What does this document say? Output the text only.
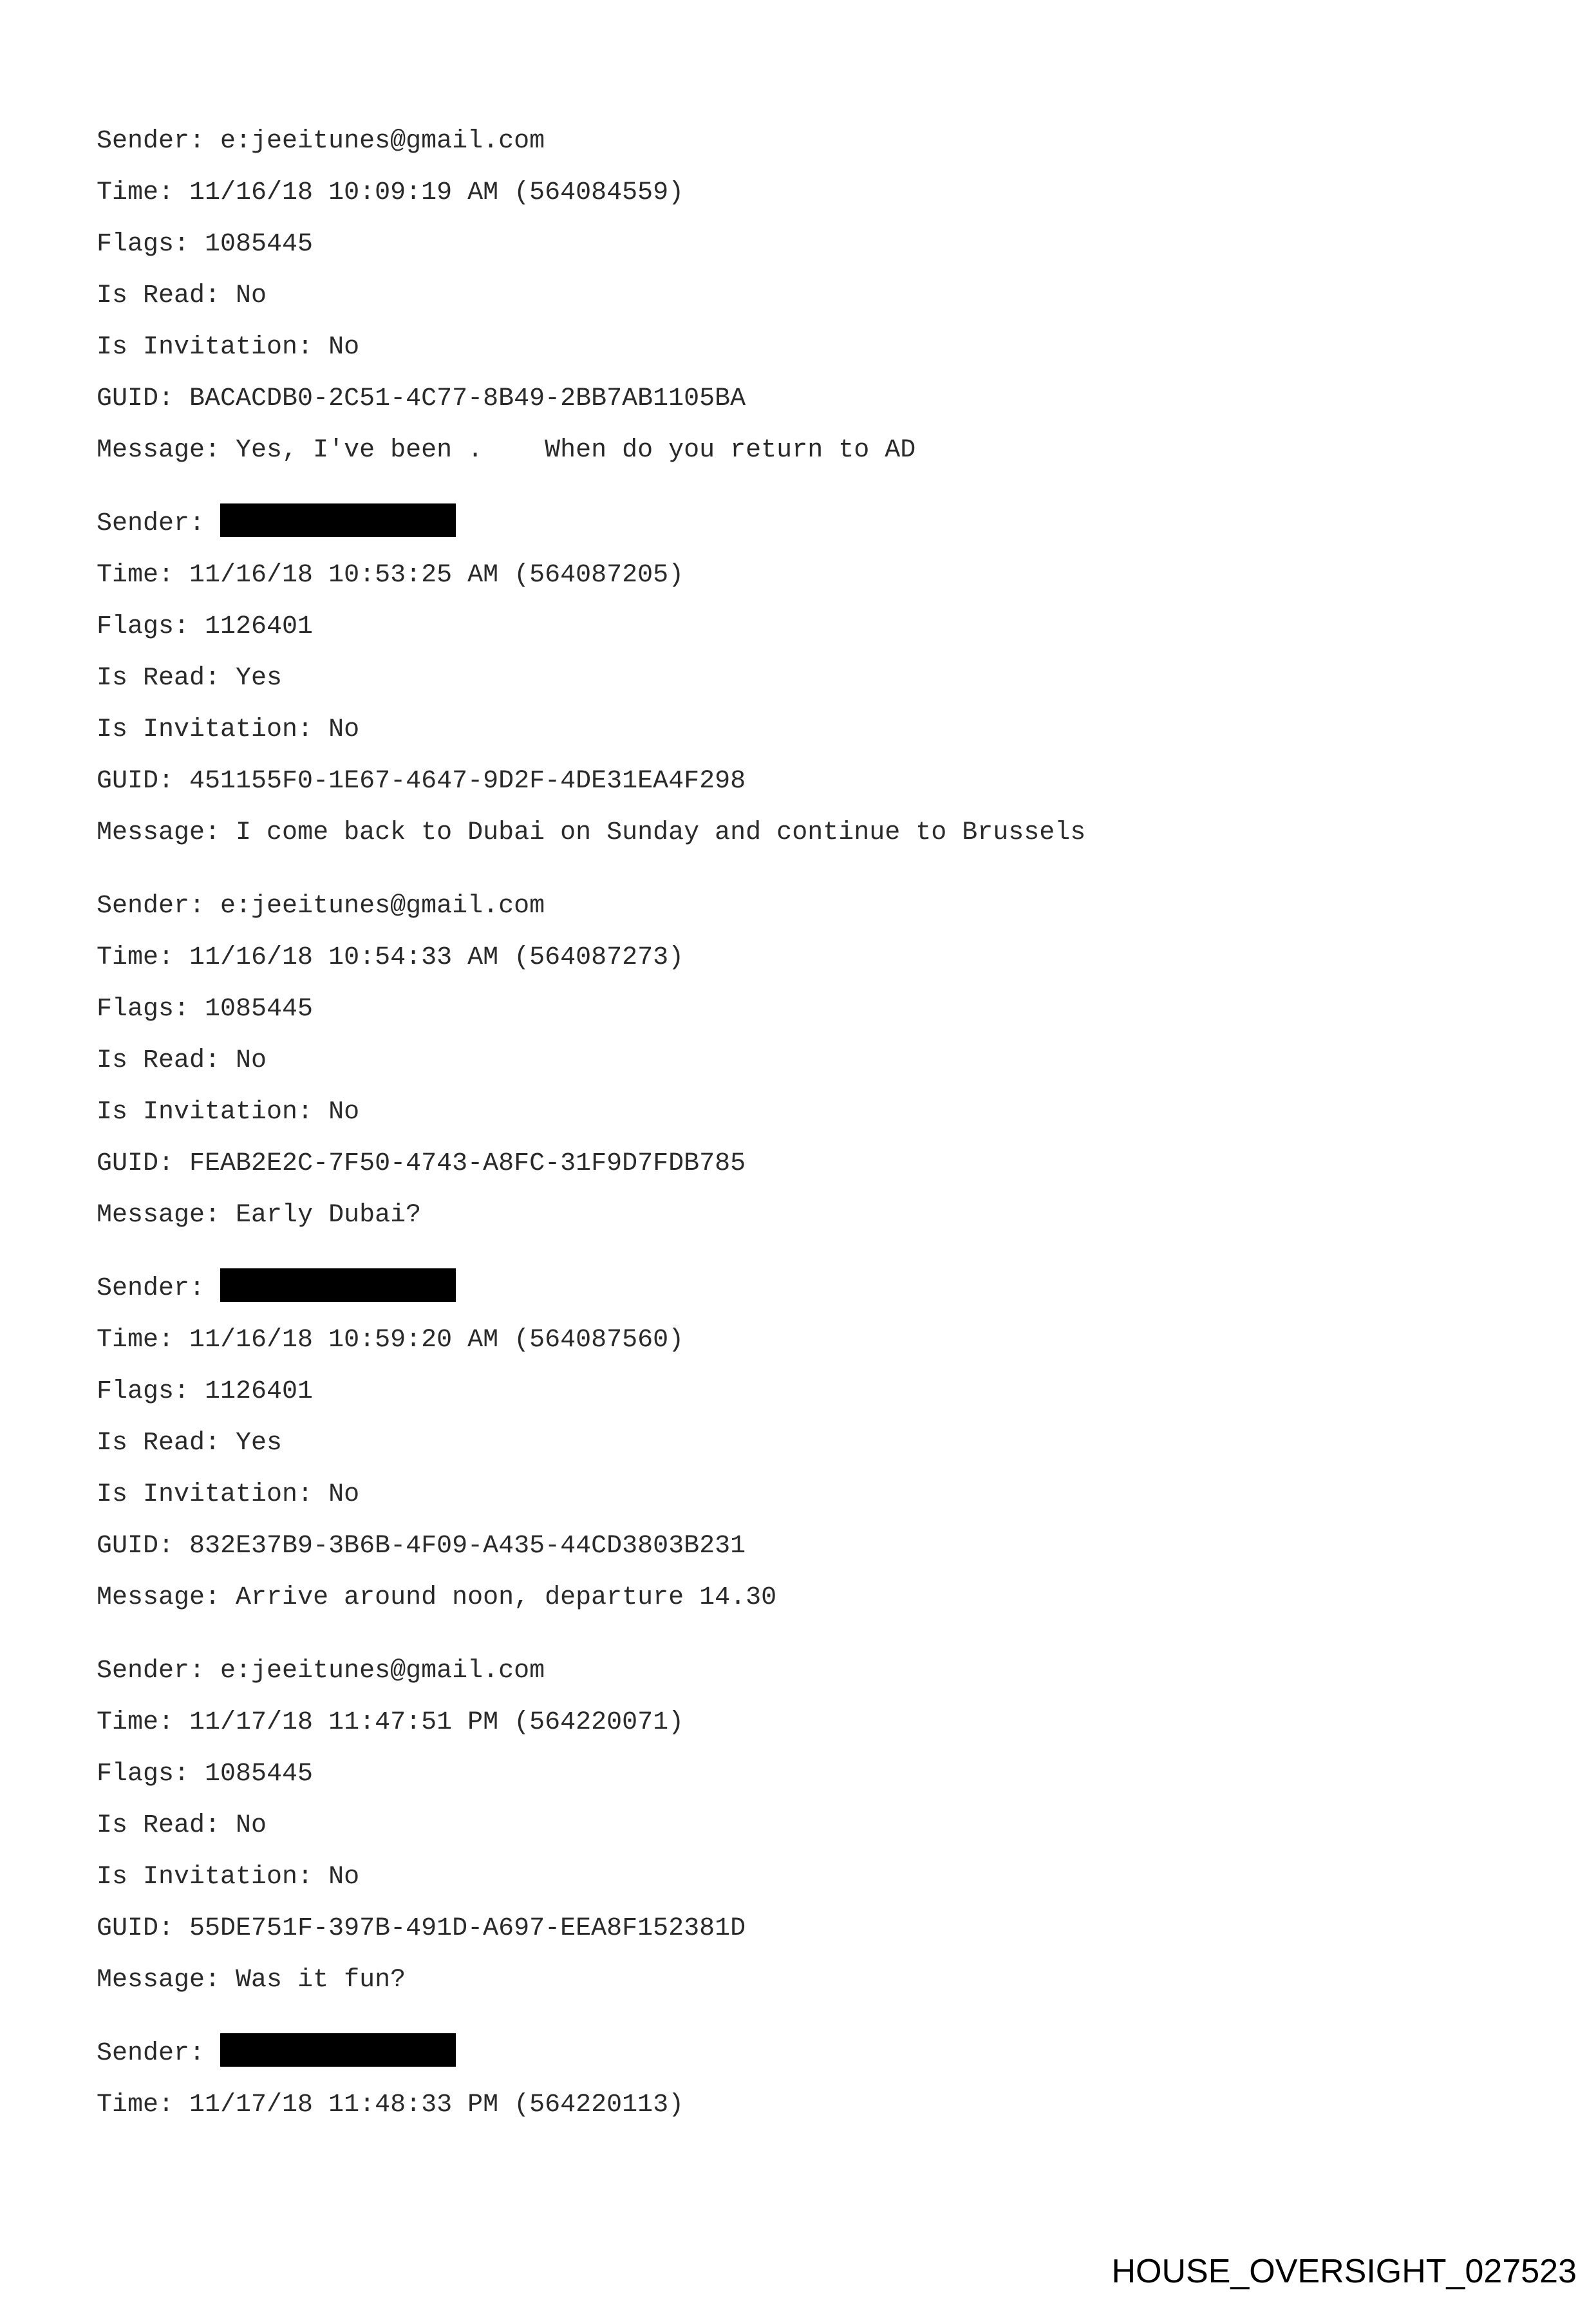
Sender: e:jeeitunes@gmail.com
Time: 11/16/18 10:09:19 AM (564084559)
Flags: 1085445
Is Read: No
Is Invitation: No
GUID: BACACDB0-2C51-4C77-8B49-2BB7AB1105BA
Message: Yes, I've been .    When do you return to AD
Sender:
Time: 11/16/18 10:53:25 AM (564087205)
Flags: 1126401
Is Read: Yes
Is Invitation: No
GUID: 451155F0-1E67-4647-9D2F-4DE31EA4F298
Message: I come back to Dubai on Sunday and continue to Brussels
Sender: e:jeeitunes@gmail.com
Time: 11/16/18 10:54:33 AM (564087273)
Flags: 1085445
Is Read: No
Is Invitation: No
GUID: FEAB2E2C-7F50-4743-A8FC-31F9D7FDB785
Message: Early Dubai?
Sender:
Time: 11/16/18 10:59:20 AM (564087560)
Flags: 1126401
Is Read: Yes
Is Invitation: No
GUID: 832E37B9-3B6B-4F09-A435-44CD3803B231
Message: Arrive around noon, departure 14.30
Sender: e:jeeitunes@gmail.com
Time: 11/17/18 11:47:51 PM (564220071)
Flags: 1085445
Is Read: No
Is Invitation: No
GUID: 55DE751F-397B-491D-A697-EEA8F152381D
Message: Was it fun?
Sender:
Time: 11/17/18 11:48:33 PM (564220113)
HOUSE_OVERSIGHT_027523
